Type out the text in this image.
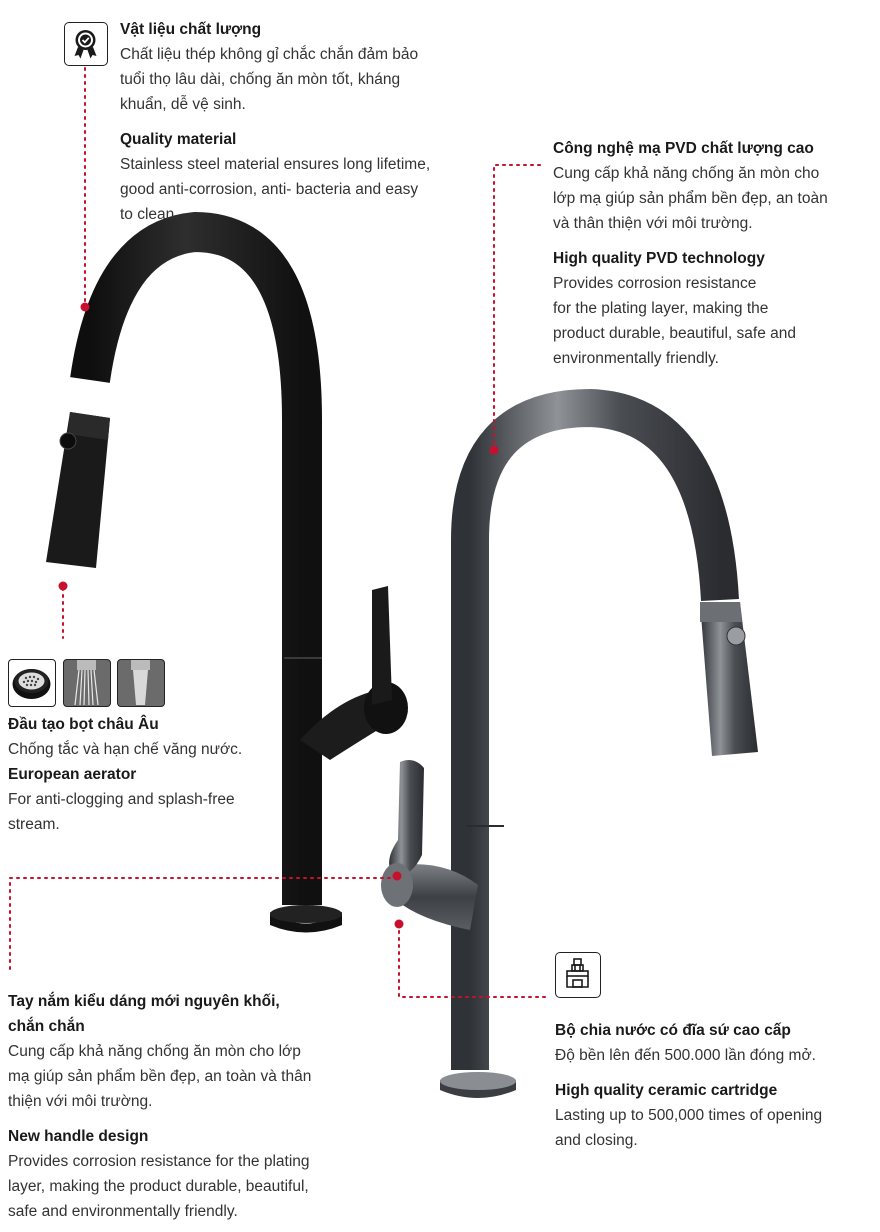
Vật liệu chất lượng
Chất liệu thép không gỉ chắc chắn đảm bảo
tuổi thọ lâu dài, chống ăn mòn tốt, kháng
khuẩn, dễ vệ sinh.
Quality material
Stainless steel material ensures long lifetime,
good anti-corrosion, anti- bacteria and easy
to clean.
Công nghệ mạ PVD chất lượng cao
Cung cấp khả năng chống ăn mòn cho
lớp mạ giúp sản phẩm bền đẹp, an toàn
và thân thiện với môi trường.
High quality PVD technology
Provides corrosion resistance
for the plating layer, making the
product durable, beautiful, safe and
environmentally friendly.
Đầu tạo bọt châu Âu
Chống tắc và hạn chế văng nước.
European aerator
For anti-clogging and splash-free
stream.
Tay nắm kiểu dáng mới nguyên khối,
chắn chắn
Cung cấp khả năng chống ăn mòn cho lớp
mạ giúp sản phẩm bền đẹp, an toàn và thân
thiện với môi trường.
New handle design
Provides corrosion resistance for the plating
layer, making the product durable, beautiful,
safe and environmentally friendly.
Bộ chia nước có đĩa sứ cao cấp
Độ bền lên đến 500.000 lần đóng mở.
High quality ceramic cartridge
Lasting up to 500,000 times of opening
and closing.
